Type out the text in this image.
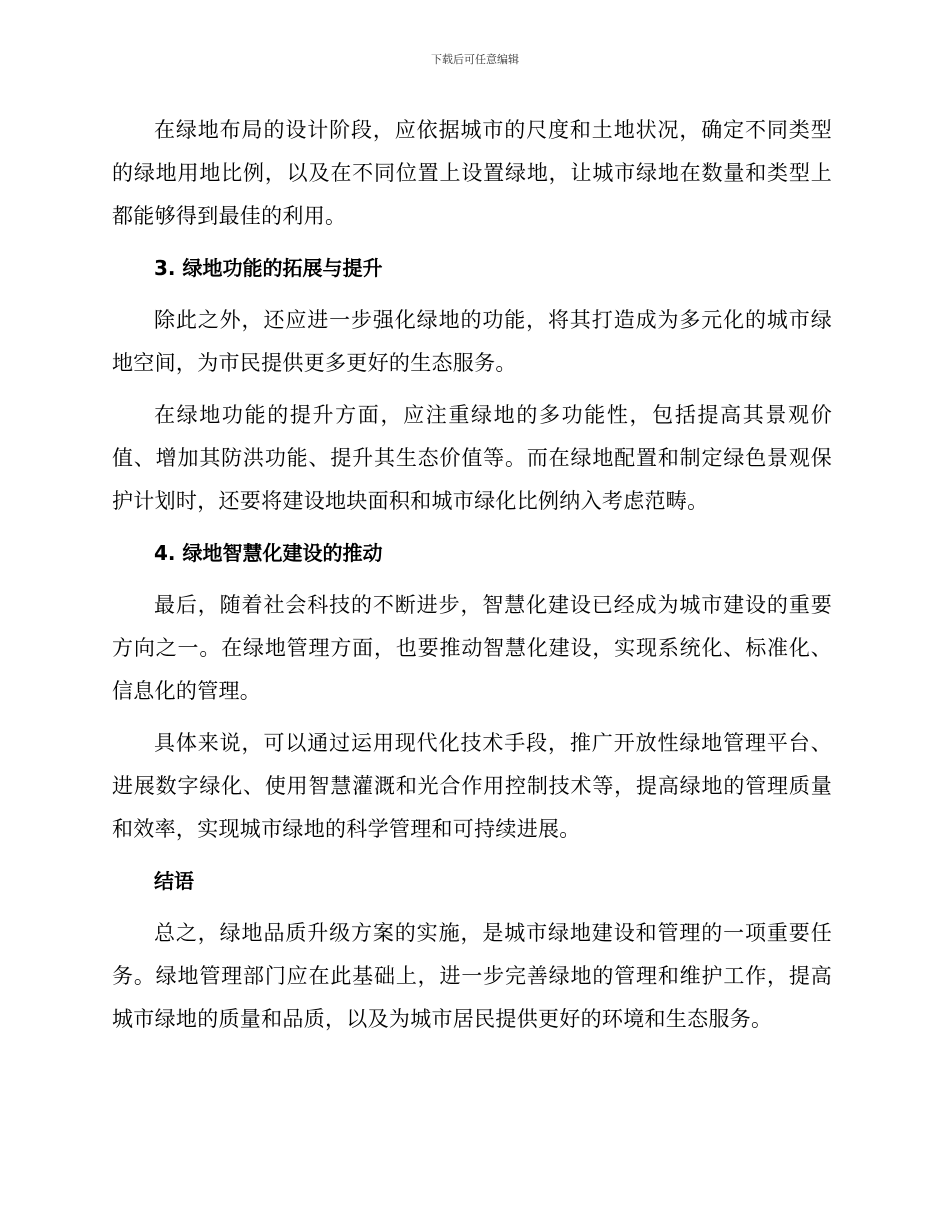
下载后可任意编辑

在绿地布局的设计阶段，应依据城市的尺度和土地状况，确定不同类型的绿地用地比例，以及在不同位置上设置绿地，让城市绿地在数量和类型上都能够得到最佳的利用。

3. 绿地功能的拓展与提升

除此之外，还应进一步强化绿地的功能，将其打造成为多元化的城市绿地空间，为市民提供更多更好的生态服务。

在绿地功能的提升方面，应注重绿地的多功能性，包括提高其景观价值、增加其防洪功能、提升其生态价值等。而在绿地配置和制定绿色景观保护计划时，还要将建设地块面积和城市绿化比例纳入考虑范畴。

4. 绿地智慧化建设的推动

最后，随着社会科技的不断进步，智慧化建设已经成为城市建设的重要方向之一。在绿地管理方面，也要推动智慧化建设，实现系统化、标准化、信息化的管理。

具体来说，可以通过运用现代化技术手段，推广开放性绿地管理平台、进展数字绿化、使用智慧灌溉和光合作用控制技术等，提高绿地的管理质量和效率，实现城市绿地的科学管理和可持续进展。

结语

总之，绿地品质升级方案的实施，是城市绿地建设和管理的一项重要任务。绿地管理部门应在此基础上，进一步完善绿地的管理和维护工作，提高城市绿地的质量和品质，以及为城市居民提供更好的环境和生态服务。
